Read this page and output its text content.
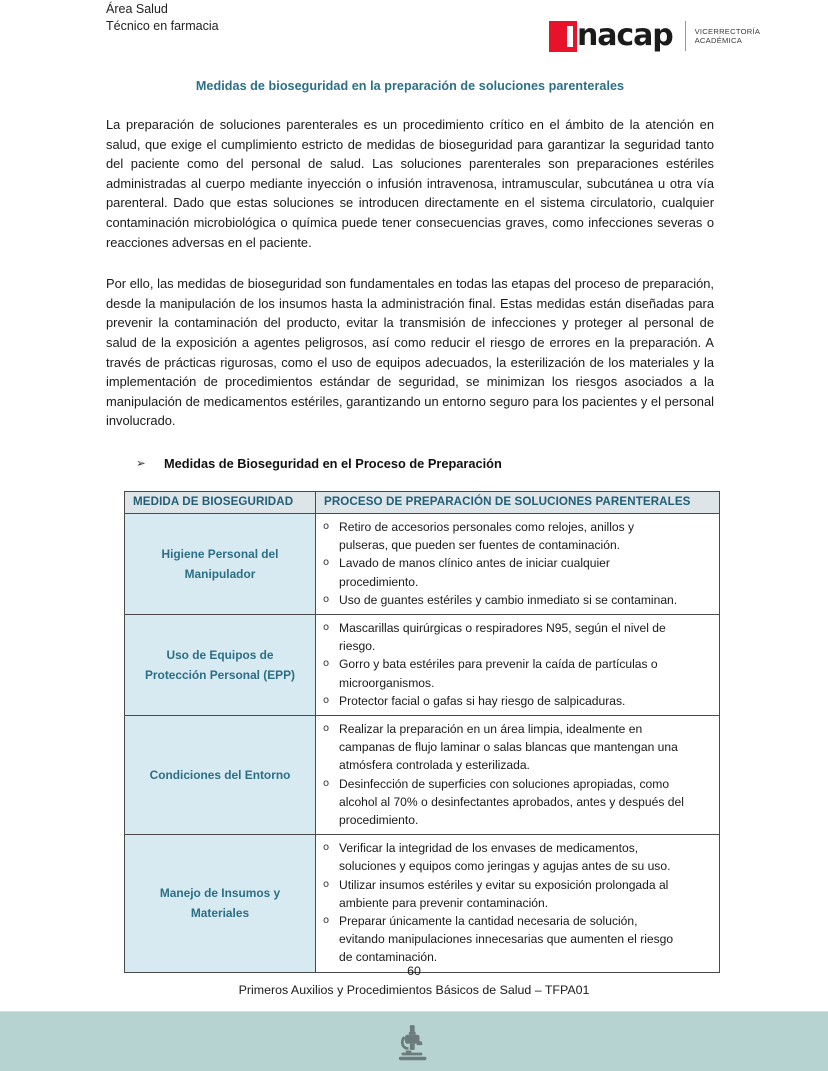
Área Salud
Técnico en farmacia	nacap	VICERRECTORÍA
ACADÉMICA
Medidas de bioseguridad en la preparación de soluciones parenterales

La preparación de soluciones parenterales es un procedimiento crítico en el ámbito de la atención en salud, que exige el cumplimiento estricto de medidas de bioseguridad para garantizar la seguridad tanto del paciente como del personal de salud. Las soluciones parenterales son preparaciones estériles administradas al cuerpo mediante inyección o infusión intravenosa, intramuscular, subcutánea u otra vía parenteral. Dado que estas soluciones se introducen directamente en el sistema circulatorio, cualquier contaminación microbiológica o química puede tener consecuencias graves, como infecciones severas o reacciones adversas en el paciente.

Por ello, las medidas de bioseguridad son fundamentales en todas las etapas del proceso de preparación, desde la manipulación de los insumos hasta la administración final. Estas medidas están diseñadas para prevenir la contaminación del producto, evitar la transmisión de infecciones y proteger al personal de salud de la exposición a agentes peligrosos, así como reducir el riesgo de errores en la preparación. A través de prácticas rigurosas, como el uso de equipos adecuados, la esterilización de los materiales y la implementación de procedimientos estándar de seguridad, se minimizan los riesgos asociados a la manipulación de medicamentos estériles, garantizando un entorno seguro para los pacientes y el personal involucrado.

➢	Medidas de Bioseguridad en el Proceso de Preparación
MEDIDA DE BIOSEGURIDAD	PROCESO DE PREPARACIÓN DE SOLUCIONES PARENTERALES
Higiene Personal del Manipulador	
o Retiro de accesorios personales como relojes, anillos y
pulseras, que pueden ser fuentes de contaminación.
o Lavado de manos clínico antes de iniciar cualquier
procedimiento.
o Uso de guantes estériles y cambio inmediato si se contaminan.

Uso de Equipos de Protección Personal (EPP)	
o Mascarillas quirúrgicas o respiradores N95, según el nivel de
riesgo.
o Gorro y bata estériles para prevenir la caída de partículas o
microorganismos.
o Protector facial o gafas si hay riesgo de salpicaduras.

Condiciones del Entorno	
o Realizar la preparación en un área limpia, idealmente en
campanas de flujo laminar o salas blancas que mantengan una
atmósfera controlada y esterilizada.
o Desinfección de superficies con soluciones apropiadas, como
alcohol al 70% o desinfectantes aprobados, antes y después del
procedimiento.

Manejo de Insumos y Materiales	
o Verificar la integridad de los envases de medicamentos,
soluciones y equipos como jeringas y agujas antes de su uso.
o Utilizar insumos estériles y evitar su exposición prolongada al
ambiente para prevenir contaminación.
o Preparar únicamente la cantidad necesaria de solución,
evitando manipulaciones innecesarias que aumenten el riesgo
de contaminación.
60
Primeros Auxilios y Procedimientos Básicos de Salud – TFPA01
